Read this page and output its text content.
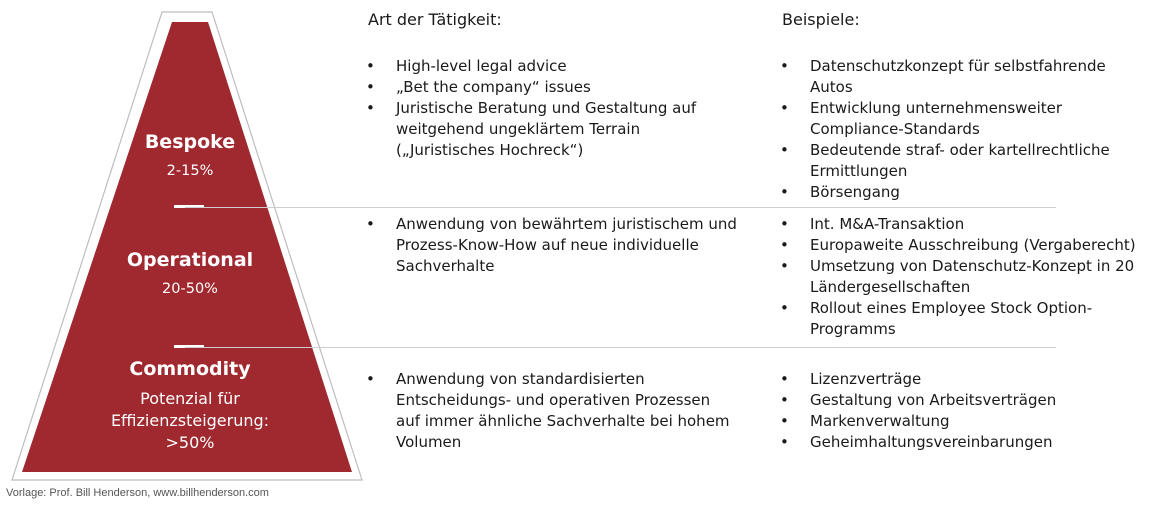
Bespoke
2-15%
Operational
20-50%
Commodity
Potenzial für
Effizienzsteigerung:
>50%
Art der Tätigkeit:	Beispiele:
• High-level legal advice
• „Bet the company“ issues
• Juristische Beratung und Gestaltung auf weitgehend ungeklärtem Terrain („Juristisches Hochreck“)
• Datenschutzkonzept für selbstfahrende Autos
• Entwicklung unternehmensweiter Compliance-Standards
• Bedeutende straf- oder kartellrechtliche Ermittlungen
• Börsengang
• Anwendung von bewährtem juristischem und Prozess-Know-How auf neue individuelle Sachverhalte
• Int. M&A-Transaktion
• Europaweite Ausschreibung (Vergaberecht)
• Umsetzung von Datenschutz-Konzept in 20 Ländergesellschaften
• Rollout eines Employee Stock Option-Programms
• Anwendung von standardisierten Entscheidungs- und operativen Prozessen auf immer ähnliche Sachverhalte bei hohem Volumen
• Lizenzverträge
• Gestaltung von Arbeitsverträgen
• Markenverwaltung
• Geheimhaltungsvereinbarungen
Vorlage: Prof. Bill Henderson, www.billhenderson.com
